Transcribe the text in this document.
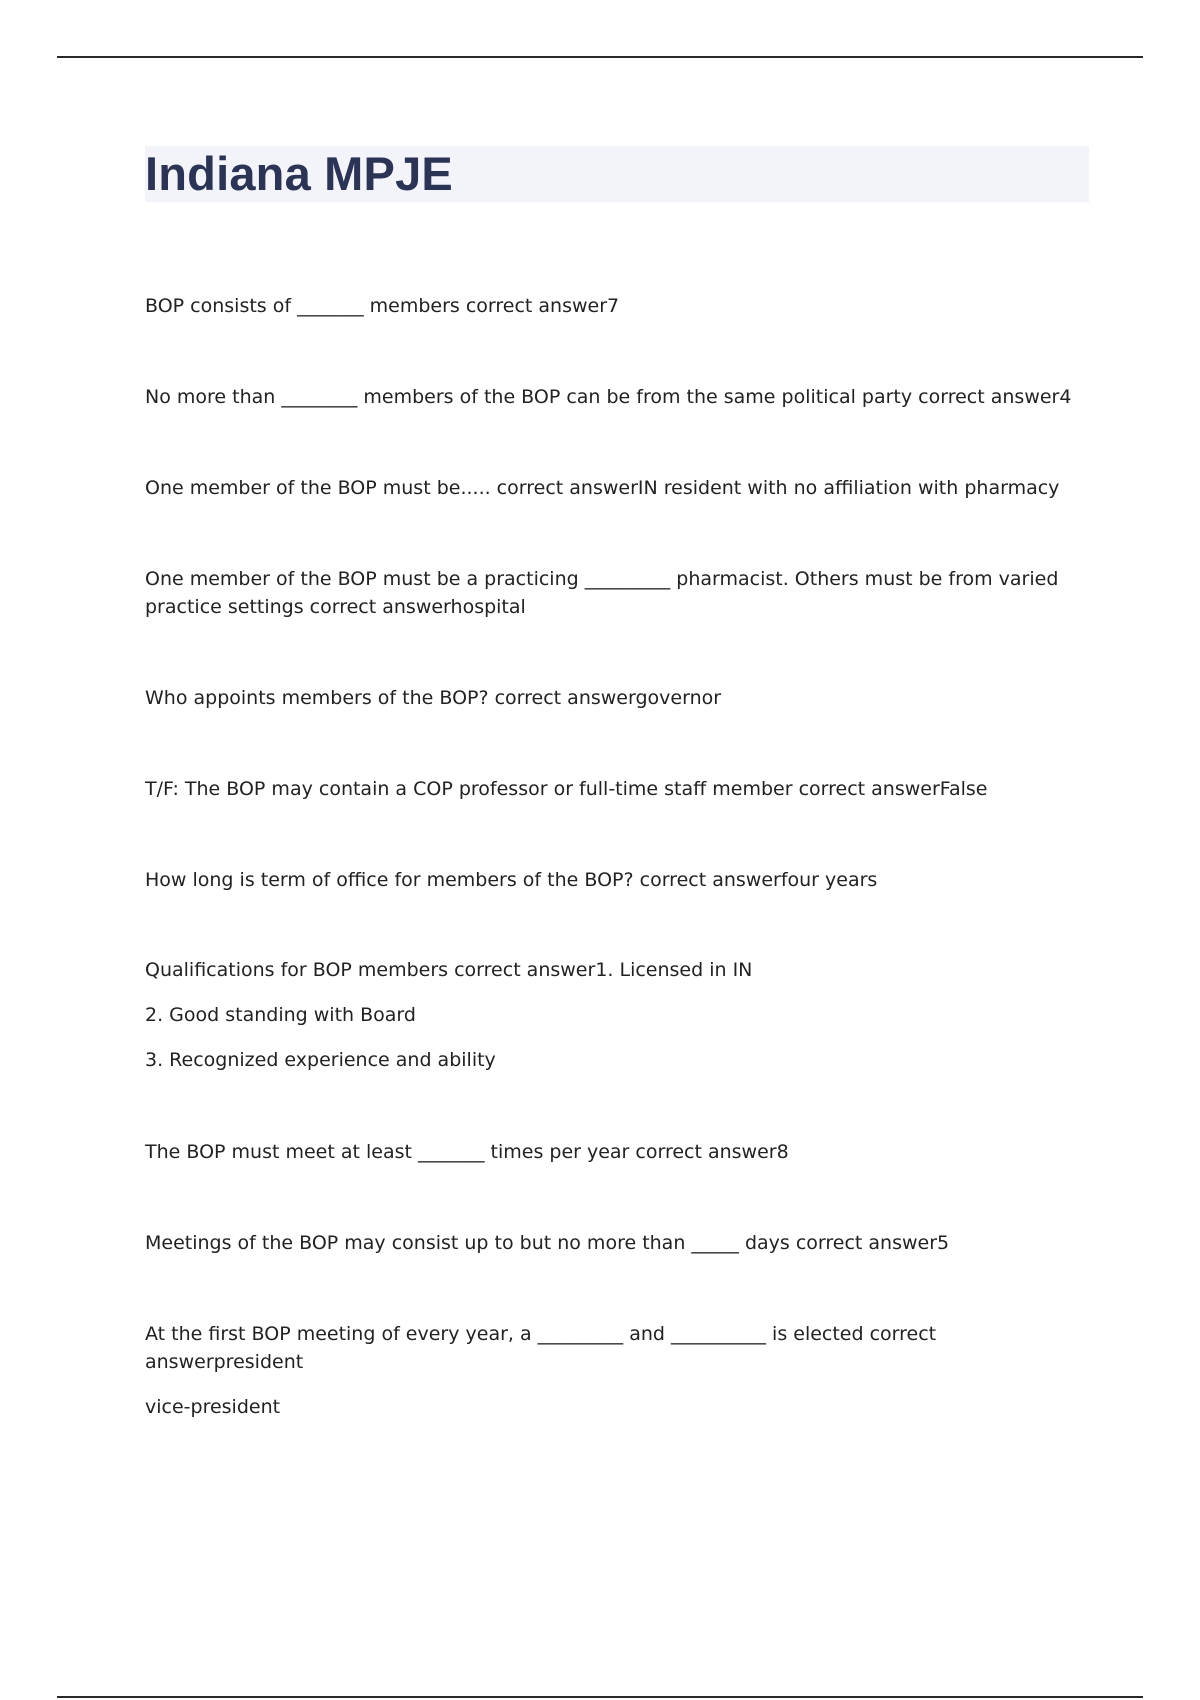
Indiana MPJE

BOP consists of _______ members correct answer7

No more than ________ members of the BOP can be from the same political party correct answer4

One member of the BOP must be..... correct answerIN resident with no affiliation with pharmacy

One member of the BOP must be a practicing _________ pharmacist. Others must be from varied practice settings correct answerhospital

Who appoints members of the BOP? correct answergovernor

T/F: The BOP may contain a COP professor or full-time staff member correct answerFalse

How long is term of office for members of the BOP? correct answerfour years

Qualifications for BOP members correct answer1. Licensed in IN
2. Good standing with Board
3. Recognized experience and ability

The BOP must meet at least _______ times per year correct answer8

Meetings of the BOP may consist up to but no more than _____ days correct answer5

At the first BOP meeting of every year, a _________ and __________ is elected correct answerpresident
vice-president
